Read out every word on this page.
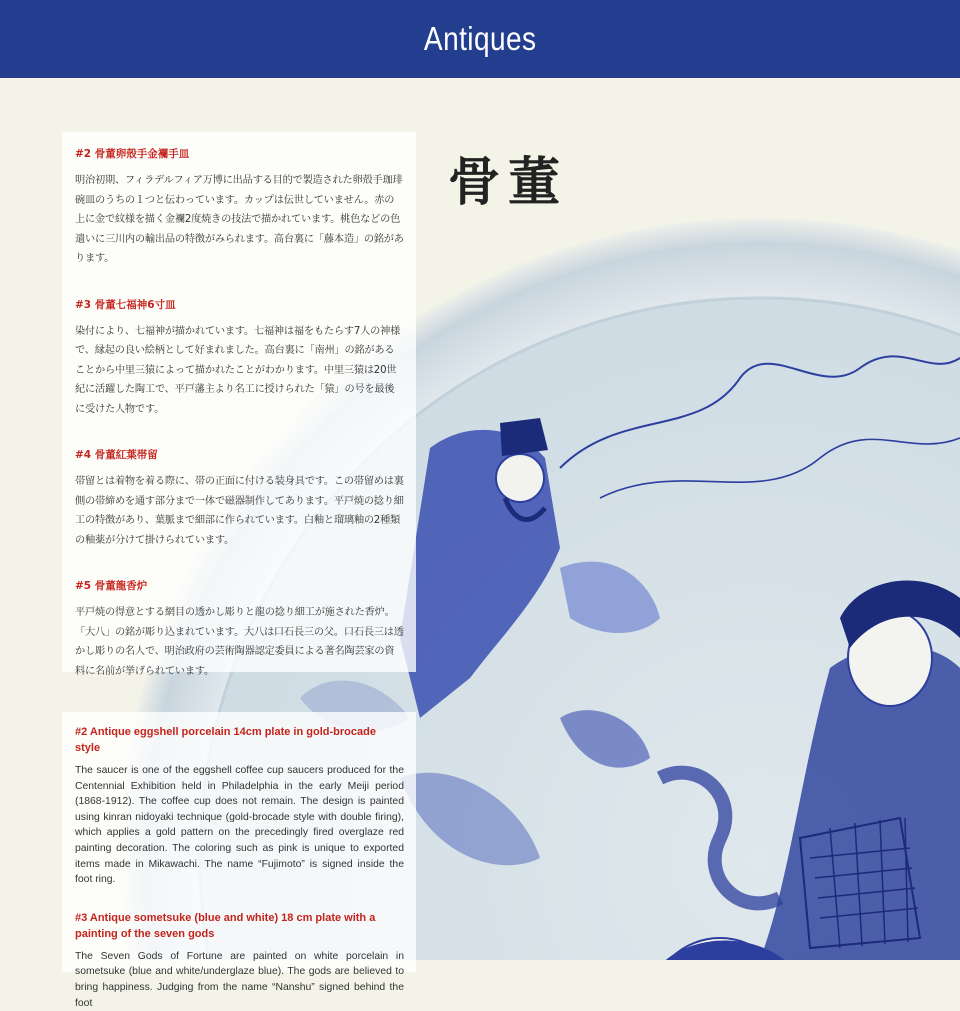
Antiques
骨董
#2 骨董卵殻手金襴手皿

明治初期、フィラデルフィア万博に出品する目的で製造された卵殻手珈琲碗皿のうちの１つと伝わっています。カップは伝世していません。赤の上に金で紋様を描く金襴2度焼きの技法で描かれています。桃色などの色遣いに三川内の輸出品の特徴がみられます。高台裏に「藤本造」の銘があります。

#3 骨董七福神6寸皿

染付により、七福神が描かれています。七福神は福をもたらす7人の神様で、縁起の良い絵柄として好まれました。高台裏に「南州」の銘があることから中里三猿によって描かれたことがわかります。中里三猿は20世紀に活躍した陶工で、平戸藩主より名工に授けられた「猿」の号を最後に受けた人物です。

#4 骨董紅葉帯留

帯留とは着物を着る際に、帯の正面に付ける装身具です。この帯留めは裏側の帯締めを通す部分まで一体で磁器制作してあります。平戸焼の捻り細工の特徴があり、葉脈まで細部に作られています。白釉と瑠璃釉の2種類の釉薬が分けて掛けられています。

#5 骨董龍香炉

平戸焼の得意とする網目の透かし彫りと龍の捻り細工が施された香炉。「大八」の銘が彫り込まれています。大八は口石長三の父。口石長三は透かし彫りの名人で、明治政府の芸術陶器認定委員による著名陶芸家の資料に名前が挙げられています。

#2 Antique eggshell porcelain 14cm plate in gold-brocade style

The saucer is one of the eggshell coffee cup saucers produced for the Centennial Exhibition held in Philadelphia in the early Meiji period (1868-1912). The coffee cup does not remain. The design is painted using kinran nidoyaki technique (gold-brocade style with double firing), which applies a gold pattern on the precedingly fired overglaze red painting decoration. The coloring such as pink is unique to exported items made in Mikawachi. The name “Fujimoto” is signed inside the foot ring.

#3 Antique sometsuke (blue and white) 18 cm plate with a painting of the seven gods

The Seven Gods of Fortune are painted on white porcelain in sometsuke (blue and white/underglaze blue). The gods are believed to bring happiness. Judging from the name “Nanshu” signed behind the foot
